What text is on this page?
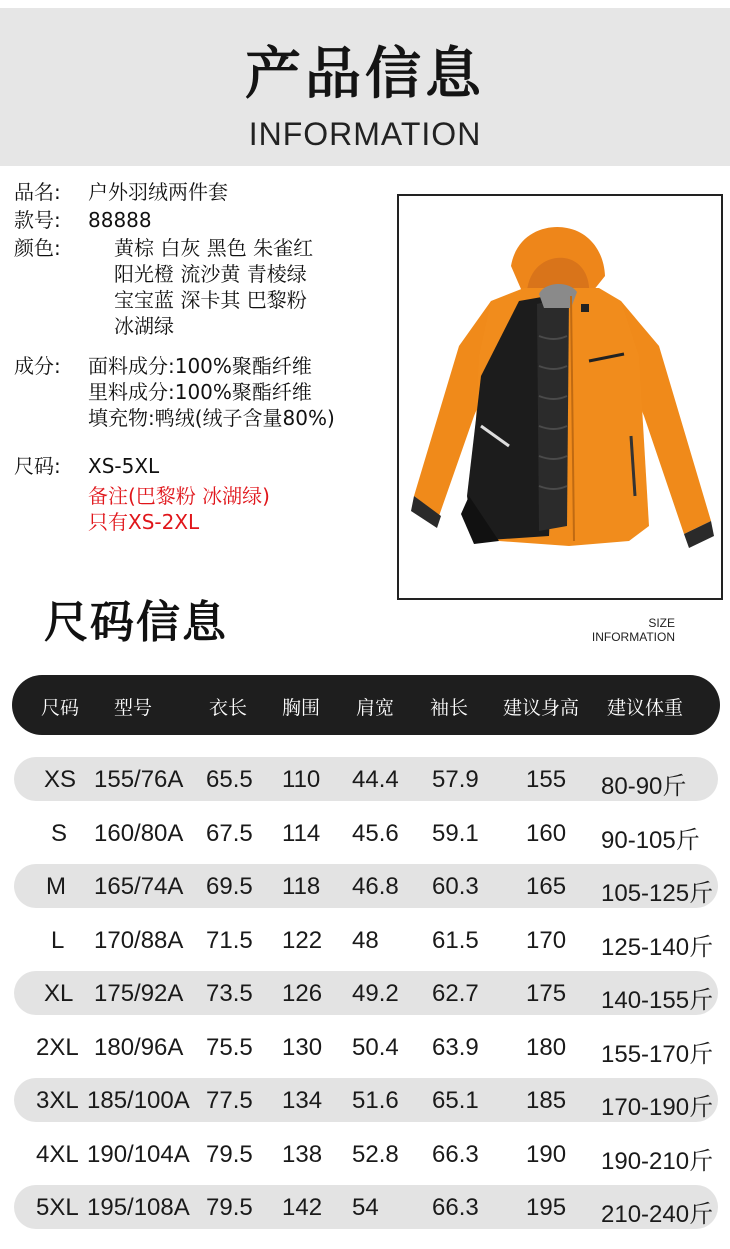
产品信息
INFORMATION
品名: 户外羽绒两件套
款号: 88888
颜色:	黄棕 白灰 黑色 朱雀红
阳光橙 流沙黄 青棱绿
宝宝蓝 深卡其 巴黎粉
冰湖绿
成分: 面料成分:100%聚酯纤维
里料成分:100%聚酯纤维
填充物:鸭绒(绒子含量80%)
尺码: XS-5XL
备注(巴黎粉 冰湖绿)
只有XS-2XL
尺码信息	SIZE
INFORMATION
尺码 型号	衣长 胸围 肩宽 袖长 建议身高 建议体重
XS 155/76A 65.5 110 44.4 57.9 155 80-90斤
S 160/80A 67.5 114 45.6 59.1 160 90-105斤
M 165/74A 69.5 118 46.8 60.3 165 105-125斤
L 170/88A 71.5 122 48 61.5 170 125-140斤
XL 175/92A 73.5 126 49.2 62.7 175 140-155斤
2XL 180/96A 75.5 130 50.4 63.9 180 155-170斤
3XL 185/100A 77.5 134 51.6 65.1 185 170-190斤
4XL 190/104A 79.5 138 52.8 66.3 190 190-210斤
5XL 195/108A 79.5 142 54 66.3 195 210-240斤
